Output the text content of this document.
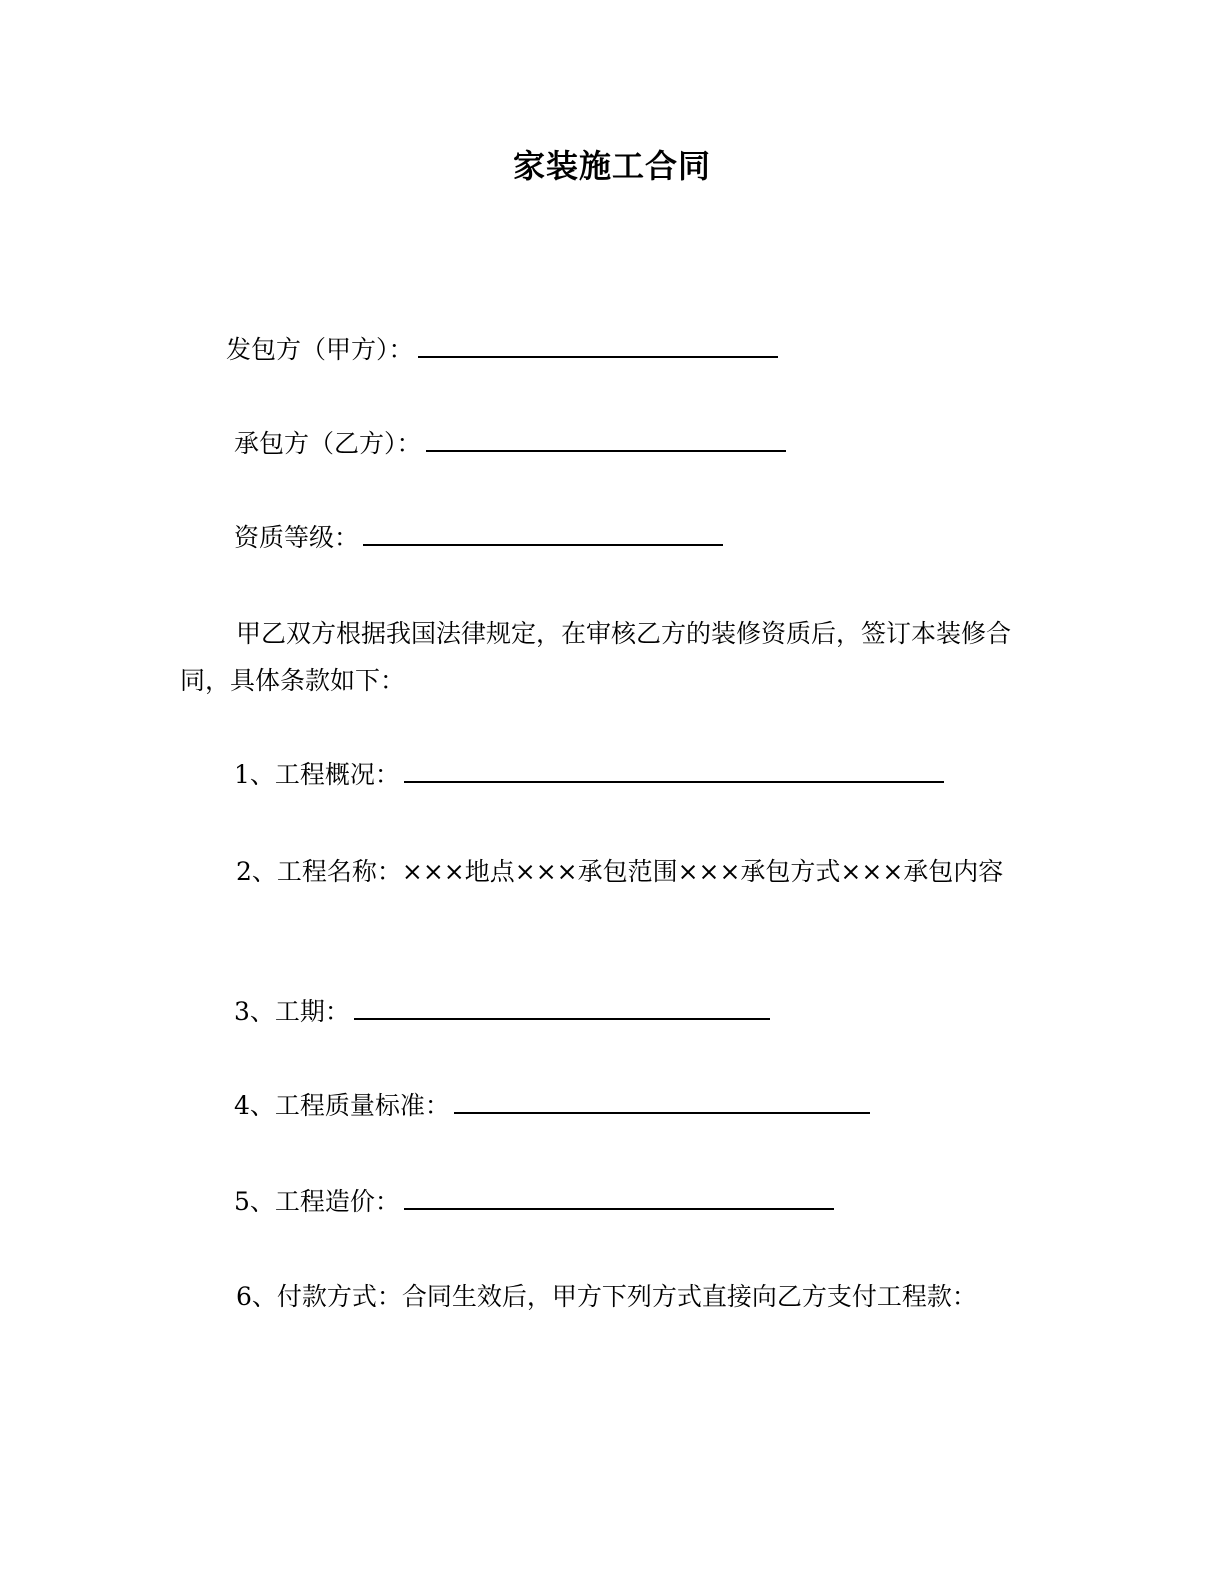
家装施工合同
发包方（甲方）：
承包方（乙方）：
资质等级：
甲乙双方根据我国法律规定，在审核乙方的装修资质后，签订本装修合同，具体条款如下：
1、工程概况：
2、工程名称：×××地点×××承包范围×××承包方式×××承包内容
3、工期：
4、工程质量标准：
5、工程造价：
6、付款方式：合同生效后，甲方下列方式直接向乙方支付工程款：
